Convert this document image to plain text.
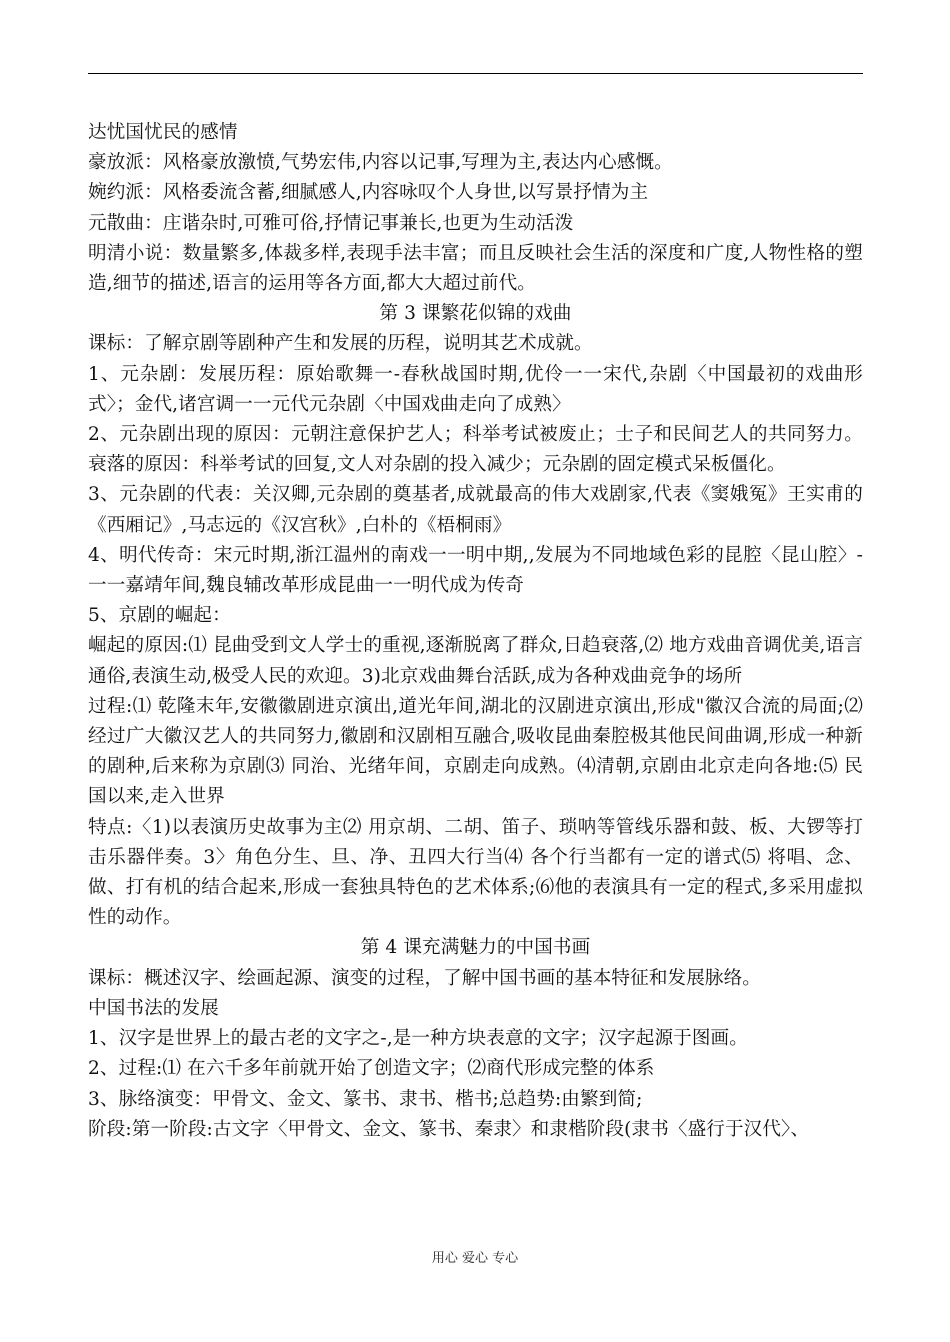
达忧国忧民的感情

豪放派：风格豪放激愤,气势宏伟,内容以记事,写理为主,表达内心感慨。

婉约派：风格委流含蓄,细腻感人,内容咏叹个人身世,以写景抒情为主

元散曲：庄谐杂时,可雅可俗,抒情记事兼长,也更为生动活泼

明清小说：数量繁多,体裁多样,表现手法丰富；而且反映社会生活的深度和广度,人物性格的塑造,细节的描述,语言的运用等各方面,都大大超过前代。

第 3 课繁花似锦的戏曲

课标：了解京剧等剧种产生和发展的历程，说明其艺术成就。

1、元杂剧：发展历程：原始歌舞一-春秋战国时期,优伶一一宋代,杂剧〈中国最初的戏曲形式〉；金代,诸宫调一一元代元杂剧〈中国戏曲走向了成熟〉

2、元杂剧出现的原因：元朝注意保护艺人；科举考试被废止；士子和民间艺人的共同努力。衰落的原因：科举考试的回复,文人对杂剧的投入减少；元杂剧的固定模式呆板僵化。

3、元杂剧的代表：关汉卿,元杂剧的奠基者,成就最高的伟大戏剧家,代表《窦娥冤》王实甫的《西厢记》,马志远的《汉宫秋》,白朴的《梧桐雨》

4、明代传奇：宋元时期,浙江温州的南戏一一明中期,,发展为不同地域色彩的昆腔〈昆山腔〉-一一嘉靖年间,魏良辅改革形成昆曲一一明代成为传奇

5、京剧的崛起：

崛起的原因:⑴ 昆曲受到文人学士的重视,逐渐脱离了群众,日趋衰落,⑵ 地方戏曲音调优美,语言通俗,表演生动,极受人民的欢迎。3)北京戏曲舞台活跃,成为各种戏曲竞争的场所

过程:⑴ 乾隆末年,安徽徽剧进京演出,道光年间,湖北的汉剧进京演出,形成"徽汉合流的局面;⑵ 经过广大徽汉艺人的共同努力,徽剧和汉剧相互融合,吸收昆曲秦腔极其他民间曲调,形成一种新的剧种,后来称为京剧⑶ 同治、光绪年间，京剧走向成熟。⑷清朝,京剧由北京走向各地:⑸ 民国以来,走入世界

特点:〈1)以表演历史故事为主⑵ 用京胡、二胡、笛子、琐呐等管线乐器和鼓、板、大锣等打击乐器伴奏。3〉角色分生、旦、净、丑四大行当⑷ 各个行当都有一定的谱式⑸ 将唱、念、做、打有机的结合起来,形成一套独具特色的艺术体系;⑹他的表演具有一定的程式,多采用虚拟性的动作。

第 4 课充满魅力的中国书画

课标：概述汉字、绘画起源、演变的过程，了解中国书画的基本特征和发展脉络。

中国书法的发展

1、汉字是世界上的最古老的文字之-,是一种方块表意的文字；汉字起源于图画。

2、过程:⑴ 在六千多年前就开始了创造文字；⑵商代形成完整的体系

3、脉络演变：甲骨文、金文、篆书、隶书、楷书;总趋势:由繁到简;

阶段:第一阶段:古文字〈甲骨文、金文、篆书、秦隶〉和隶楷阶段(隶书〈盛行于汉代〉、

用心 爱心 专心
